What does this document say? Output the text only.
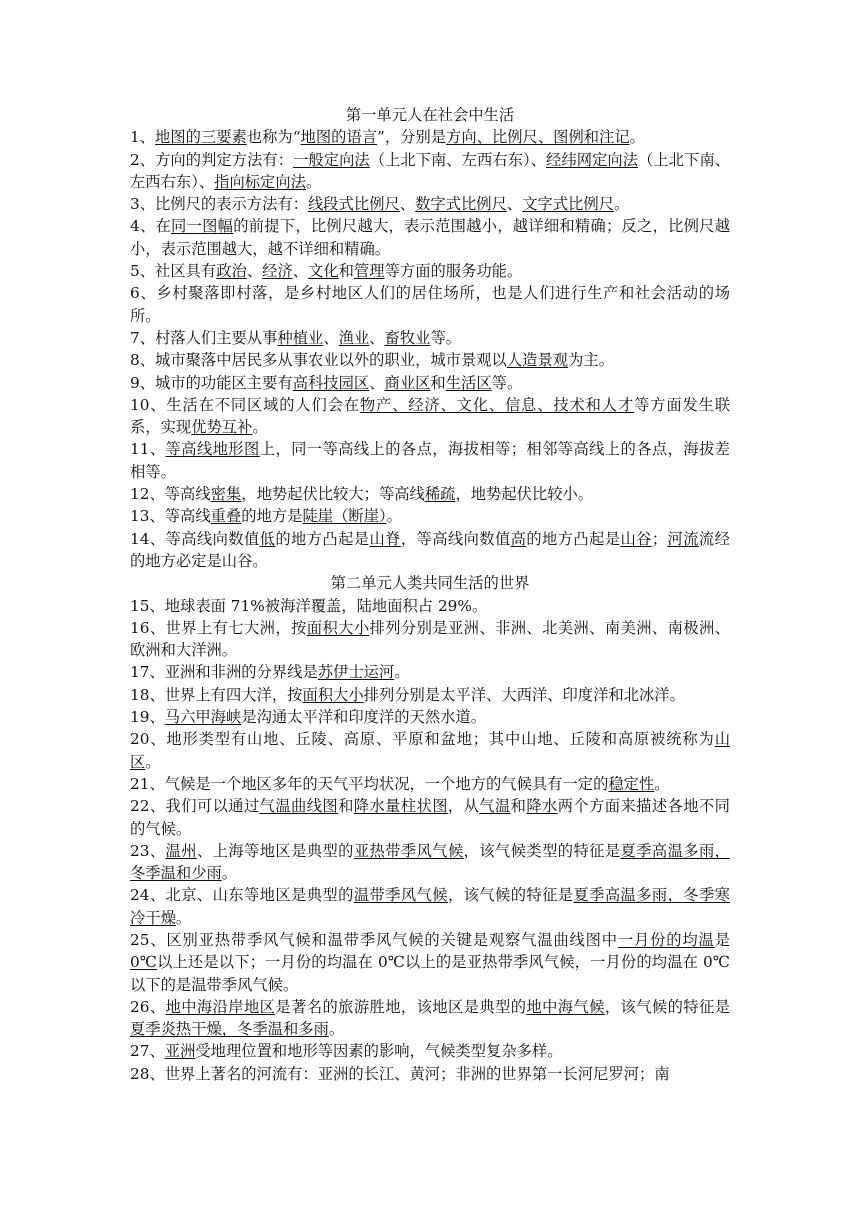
第一单元人在社会中生活

1、地图的三要素也称为“地图的语言”，分别是方向、比例尺、图例和注记。

2、方向的判定方法有：一般定向法（上北下南、左西右东）、经纬网定向法（上北下南、左西右东）、指向标定向法。

3、比例尺的表示方法有：线段式比例尺、数字式比例尺、文字式比例尺。

4、在同一图幅的前提下，比例尺越大，表示范围越小，越详细和精确；反之，比例尺越小，表示范围越大，越不详细和精确。

5、社区具有政治、经济、文化和管理等方面的服务功能。

6、乡村聚落即村落，是乡村地区人们的居住场所，也是人们进行生产和社会活动的场所。

7、村落人们主要从事种植业、渔业、畜牧业等。

8、城市聚落中居民多从事农业以外的职业，城市景观以人造景观为主。

9、城市的功能区主要有高科技园区、商业区和生活区等。

10、生活在不同区域的人们会在物产、经济、文化、信息、技术和人才等方面发生联系，实现优势互补。

11、等高线地形图上，同一等高线上的各点，海拔相等；相邻等高线上的各点，海拔差相等。

12、等高线密集，地势起伏比较大；等高线稀疏，地势起伏比较小。

13、等高线重叠的地方是陡崖（断崖）。

14、等高线向数值低的地方凸起是山脊，等高线向数值高的地方凸起是山谷；河流流经的地方必定是山谷。

第二单元人类共同生活的世界

15、地球表面 71%被海洋覆盖，陆地面积占 29%。

16、世界上有七大洲，按面积大小排列分别是亚洲、非洲、北美洲、南美洲、南极洲、欧洲和大洋洲。

17、亚洲和非洲的分界线是苏伊士运河。

18、世界上有四大洋，按面积大小排列分别是太平洋、大西洋、印度洋和北冰洋。

19、马六甲海峡是沟通太平洋和印度洋的天然水道。

20、地形类型有山地、丘陵、高原、平原和盆地；其中山地、丘陵和高原被统称为山区。

21、气候是一个地区多年的天气平均状况，一个地方的气候具有一定的稳定性。

22、我们可以通过气温曲线图和降水量柱状图，从气温和降水两个方面来描述各地不同的气候。

23、温州、上海等地区是典型的亚热带季风气候，该气候类型的特征是夏季高温多雨，冬季温和少雨。

24、北京、山东等地区是典型的温带季风气候，该气候的特征是夏季高温多雨，冬季寒冷干燥。

25、区别亚热带季风气候和温带季风气候的关键是观察气温曲线图中一月份的均温是 0℃以上还是以下；一月份的均温在 0℃以上的是亚热带季风气候，一月份的均温在 0℃以下的是温带季风气候。

26、地中海沿岸地区是著名的旅游胜地，该地区是典型的地中海气候，该气候的特征是夏季炎热干燥，冬季温和多雨。

27、亚洲受地理位置和地形等因素的影响，气候类型复杂多样。

28、世界上著名的河流有：亚洲的长江、黄河；非洲的世界第一长河尼罗河；南
